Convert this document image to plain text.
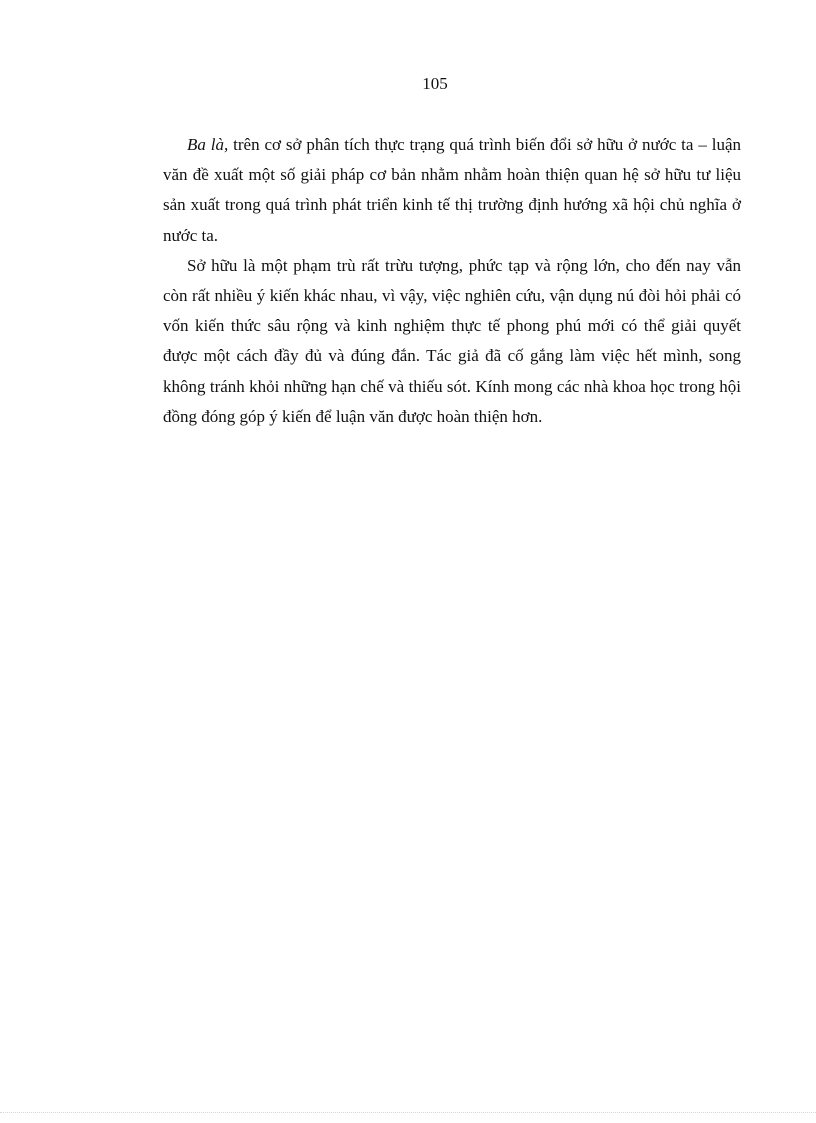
105

Ba là, trên cơ sở phân tích thực trạng quá trình biến đổi sở hữu ở nước ta – luận văn đề xuất một số giải pháp cơ bản nhằm nhằm hoàn thiện quan hệ sở hữu tư liệu sản xuất trong quá trình phát triển kinh tế thị trường định hướng xã hội chủ nghĩa ở nước ta.

Sở hữu là một phạm trù rất trừu tượng, phức tạp và rộng lớn, cho đến nay vẫn còn rất nhiều ý kiến khác nhau, vì vậy, việc nghiên cứu, vận dụng nú đòi hỏi phải có vốn kiến thức sâu rộng và kinh nghiệm thực tế phong phú mới có thể giải quyết được một cách đầy đủ và đúng đắn. Tác giả đã cố gắng làm việc hết mình, song không tránh khỏi những hạn chế và thiếu sót. Kính mong các nhà khoa học trong hội đồng đóng góp ý kiến để luận văn được hoàn thiện hơn.
